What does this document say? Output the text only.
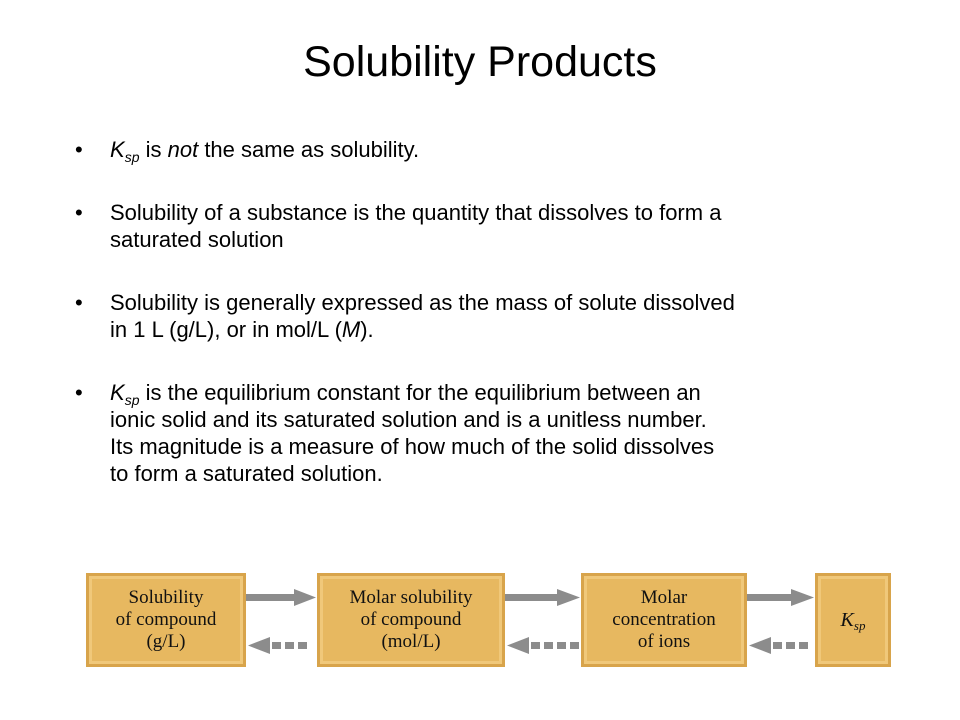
Solubility Products
• $K_{sp}$ is not the same as solubility.
• Solubility of a substance is the quantity that dissolves to form a
saturated solution
• Solubility is generally expressed as the mass of solute dissolved
in 1 L (g/L), or in mol/L (M).
• $K_{sp}$ is the equilibrium constant for the equilibrium between an
ionic solid and its saturated solution and is a unitless number.
Its magnitude is a measure of how much of the solid dissolves
to form a saturated solution.
Solubility
of compound
(g/L)
Molar solubility
of compound
(mol/L)
Molar
concentration
of ions
$K_{sp}$
